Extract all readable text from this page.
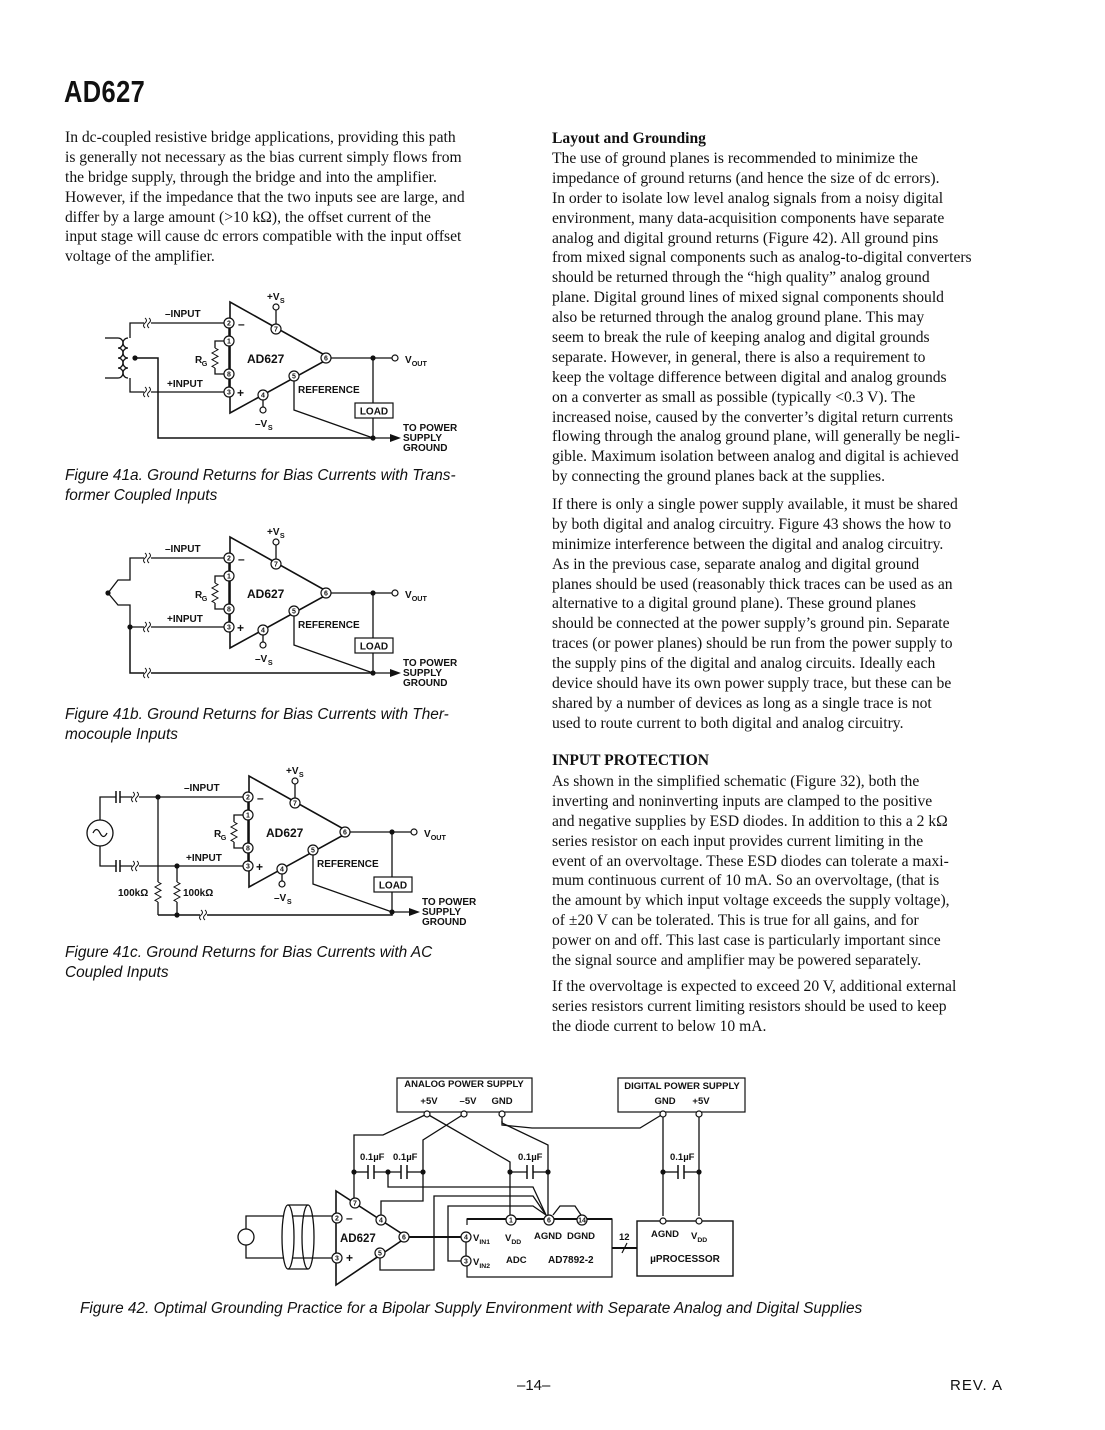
AD627
In dc-coupled resistive bridge applications, providing this path
is generally not necessary as the bias current simply flows from
the bridge supply, through the bridge and into the amplifier.
However, if the impedance that the two inputs see are large, and
differ by a large amount (>10 kΩ), the offset current of the
input stage will cause dc errors compatible with the input offset
voltage of the amplifier.
LOAD
2
1
8
3
7
6
5
4
–
+
–INPUT
+INPUT
R G	AD627
+V S
–V S
V OUT
REFERENCE
TO POWER
SUPPLY
GROUND
Figure 41a. Ground Returns for Bias Currents with Trans-
former Coupled Inputs
LOAD
2
1
8
3
7
6
5
4
–
+
–INPUT
+INPUT
R G	AD627
+V S
–V S
V OUT
REFERENCE
TO POWER
SUPPLY
GROUND
Figure 41b. Ground Returns for Bias Currents with Ther-
mocouple Inputs
100kΩ	100kΩ
LOAD
2
1
8
3
7
6
5
4
–
+
–INPUT
+INPUT
R G	AD627
+V S
–V S
V OUT
REFERENCE
TO POWER
SUPPLY
GROUND
Figure 41c. Ground Returns for Bias Currents with AC
Coupled Inputs
Layout and Grounding
The use of ground planes is recommended to minimize the
impedance of ground returns (and hence the size of dc errors).
In order to isolate low level analog signals from a noisy digital
environment, many data-acquisition components have separate
analog and digital ground returns (Figure 42). All ground pins
from mixed signal components such as analog-to-digital converters
should be returned through the “high quality” analog ground
plane. Digital ground lines of mixed signal components should
also be returned through the analog ground plane. This may
seem to break the rule of keeping analog and digital grounds
separate. However, in general, there is also a requirement to
keep the voltage difference between digital and analog grounds
on a converter as small as possible (typically <0.3 V). The
increased noise, caused by the converter’s digital return currents
flowing through the analog ground plane, will generally be negli-
gible. Maximum isolation between analog and digital is achieved
by connecting the ground planes back at the supplies.
If there is only a single power supply available, it must be shared
by both digital and analog circuitry. Figure 43 shows the how to
minimize interference between the digital and analog circuitry.
As in the previous case, separate analog and digital ground
planes should be used (reasonably thick traces can be used as an
alternative to a digital ground plane). These ground planes
should be connected at the power supply’s ground pin. Separate
traces (or power planes) should be run from the power supply to
the supply pins of the digital and analog circuits. Ideally each
device should have its own power supply trace, but these can be
shared by a number of devices as long as a single trace is not
used to route current to both digital and analog circuitry.
INPUT PROTECTION
As shown in the simplified schematic (Figure 32), both the
inverting and noninverting inputs are clamped to the positive
and negative supplies by ESD diodes. In addition to this a 2 kΩ
series resistor on each input provides current limiting in the
event of an overvoltage. These ESD diodes can tolerate a maxi-
mum continuous current of 10 mA. So an overvoltage, (that is
the amount by which input voltage exceeds the supply voltage),
of ±20 V can be tolerated. This is true for all gains, and for
power on and off. This last case is particularly important since
the signal source and amplifier may be powered separately.
If the overvoltage is expected to exceed 20 V, additional external
series resistors current limiting resistors should be used to keep
the diode current to below 10 mA.
ANALOG POWER SUPPLY
+5V –5V GND
DIGITAL POWER SUPPLY
GND +5V
0.1µF 0.1µF	0.1µF	0.1µF
7
2	4
6
3
5
–
+
AD627
1	6	14
4
3
V IN1
V IN2
V DD
AGND DGND
ADC AD7892-2
12 AGND V DD
µPROCESSOR
Figure 42. Optimal Grounding Practice for a Bipolar Supply Environment with Separate Analog and Digital Supplies
–14–	REV. A
